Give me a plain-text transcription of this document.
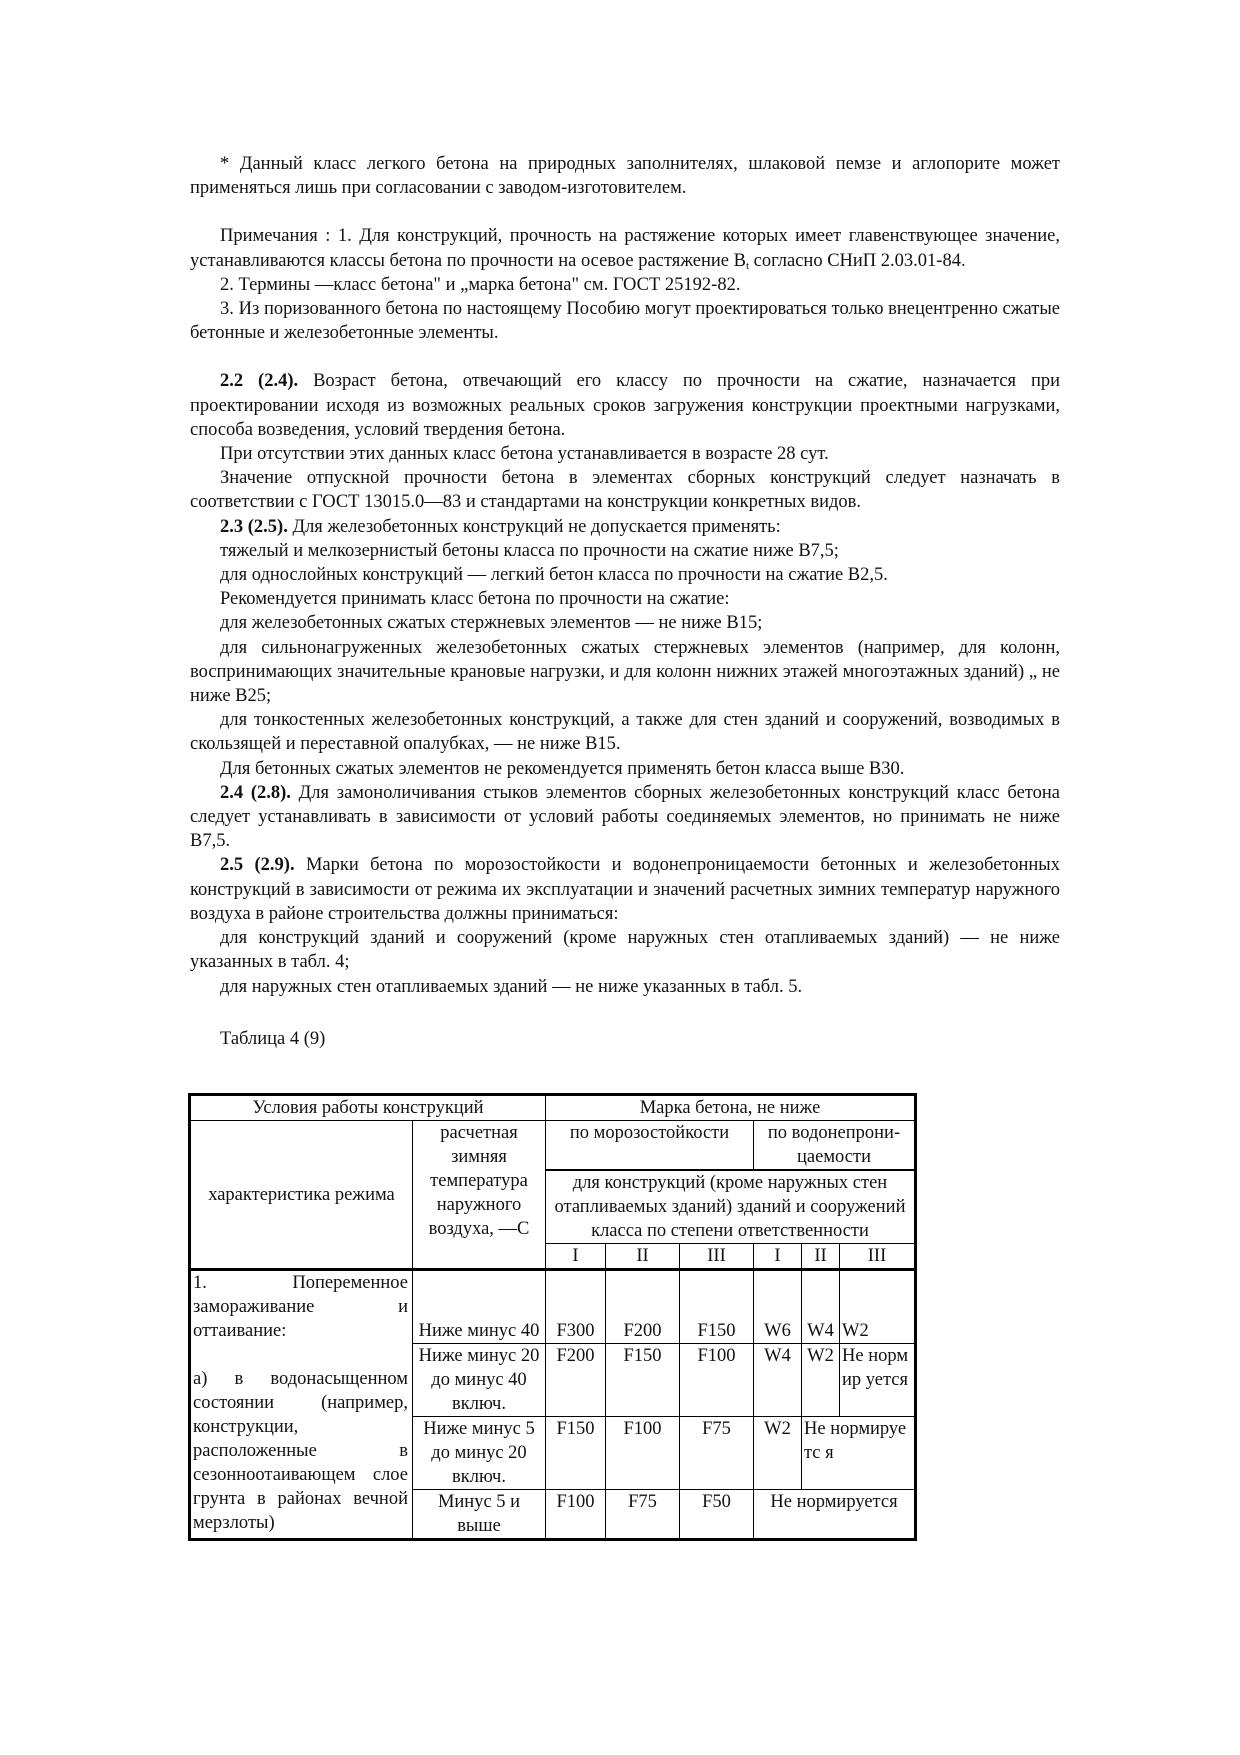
* Данный класс легкого бетона на природных заполнителях, шлаковой пемзе и аглопорите может применяться лишь при согласовании с заводом-изготовителем.

Примечания : 1. Для конструкций, прочность на растяжение которых имеет главенствующее значение, устанавливаются классы бетона по прочности на осевое растяжение $B_t$ согласно СНиП 2.03.01-84.

2. Термины ―класс бетона" и „марка бетона" см. ГОСТ 25192-82.

3. Из поризованного бетона по настоящему Пособию могут проектироваться только внецентренно сжатые бетонные и железобетонные элементы.

2.2 (2.4). Возраст бетона, отвечающий его классу по прочности на сжатие, назначается при проектировании исходя из возможных реальных сроков загружения конструкции проектными нагрузками, способа возведения, условий твердения бетона.

При отсутствии этих данных класс бетона устанавливается в возрасте 28 сут.

Значение отпускной прочности бетона в элементах сборных конструкций следует назначать в соответствии с ГОСТ 13015.0—83 и стандартами на конструкции конкретных видов.

2.3 (2.5). Для железобетонных конструкций не допускается применять:

тяжелый и мелкозернистый бетоны класса по прочности на сжатие ниже В7,5;

для однослойных конструкций — легкий бетон класса по прочности на сжатие В2,5.

Рекомендуется принимать класс бетона по прочности на сжатие:

для железобетонных сжатых стержневых элементов — не ниже В15;

для сильнонагруженных железобетонных сжатых стержневых элементов (например, для колонн, воспринимающих значительные крановые нагрузки, и для колонн нижних этажей многоэтажных зданий) „ не ниже В25;

для тонкостенных железобетонных конструкций, а также для стен зданий и сооружений, возводимых в скользящей и переставной опалубках, — не ниже В15.

Для бетонных сжатых элементов не рекомендуется применять бетон класса выше В30.

2.4 (2.8). Для замоноличивания стыков элементов сборных железобетонных конструкций класс бетона следует устанавливать в зависимости от условий работы соединяемых элементов, но принимать не ниже В7,5.

2.5 (2.9). Марки бетона по морозостойкости и водонепроницаемости бетонных и железобетонных конструкций в зависимости от режима их эксплуатации и значений расчетных зимних температур наружного воздуха в районе строительства должны приниматься:

для конструкций зданий и сооружений (кроме наружных стен отапливаемых зданий) ― не ниже указанных в табл. 4;

для наружных стен отапливаемых зданий ― не ниже указанных в табл. 5.

Таблица 4 (9)

Условия работы конструкций		Марка бетона, не ниже					
характеристика режима	расчетная зимняя температура наружного воздуха, ―С	по морозостойкости			по водонепрони-цаемости		
		для конструкций (кроме наружных стен отапливаемых зданий) зданий и сооружений класса по степени ответственности					
		I	II	III	I	II	III

1. Попеременное замораживание и оттаивание:
а) в водонасыщенном состоянии (например, конструкции, расположенные в сезонноотаивающем слое грунта в районах вечной мерзлоты)	Ниже минус 40	F300	F200	F150	W6	W4	W2
	Ниже минус 20 до минус 40 включ.	F200	F150	F100	W4	W2	Не нормир уется
	Ниже минус 5 до минус 20 включ.	F150	F100	F75	W2	Не нормируетс я	
	Минус 5 и выше	F100	F75	F50	Не нормируется		
